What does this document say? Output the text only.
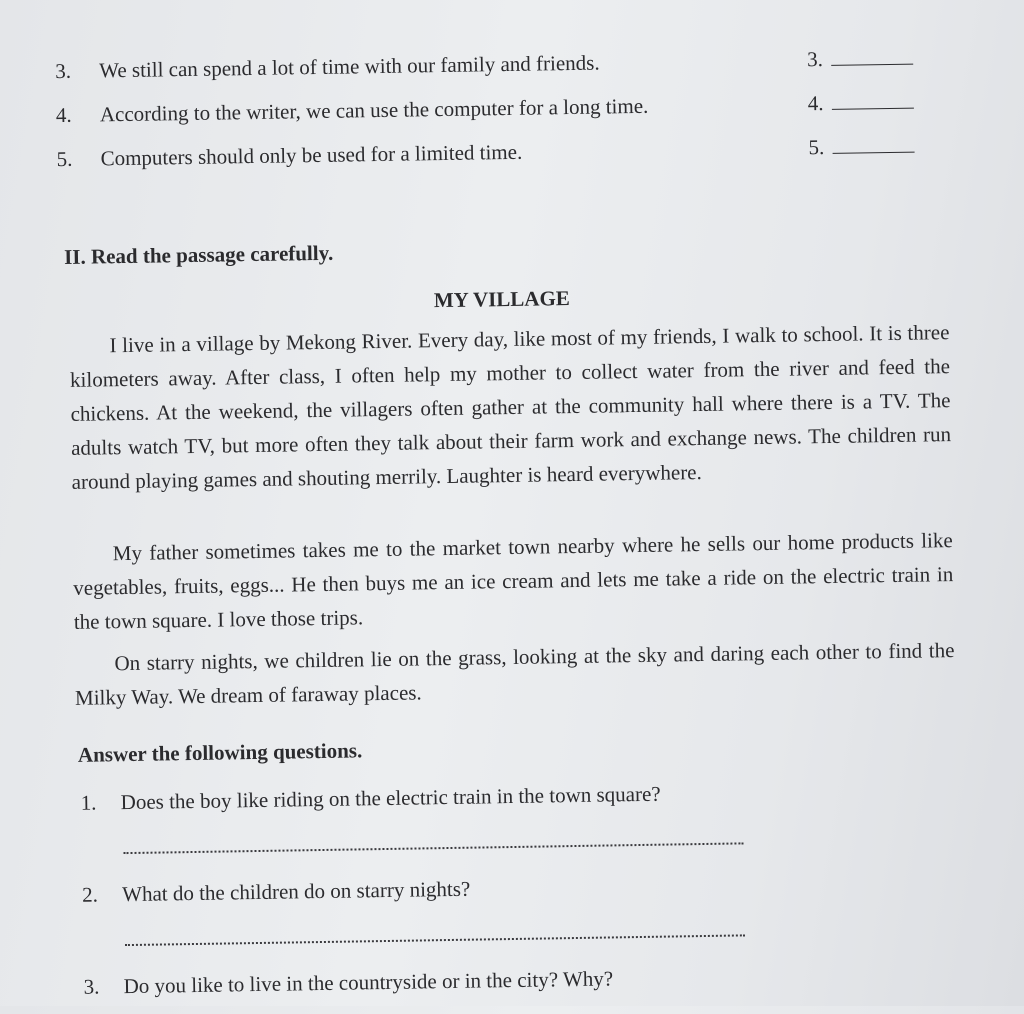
3. We still can spend a lot of time with our family and friends.	3.
4. According to the writer, we can use the computer for a long time.	4.
5. Computers should only be used for a limited time.	5.
II. Read the passage carefully.
MY VILLAGE

I live in a village by Mekong River. Every day, like most of my friends, I walk to school. It is three kilometers away. After class, I often help my mother to collect water from the river and feed the chickens. At the weekend, the villagers often gather at the community hall where there is a TV. The adults watch TV, but more often they talk about their farm work and exchange news. The children run around playing games and shouting merrily. Laughter is heard everywhere.

My father sometimes takes me to the market town nearby where he sells our home products like vegetables, fruits, eggs... He then buys me an ice cream and lets me take a ride on the electric train in the town square. I love those trips.

On starry nights, we children lie on the grass, looking at the sky and daring each other to find the Milky Way. We dream of faraway places.

Answer the following questions.
1. Does the boy like riding on the electric train in the town square?
2. What do the children do on starry nights?
3. Do you like to live in the countryside or in the city? Why?
